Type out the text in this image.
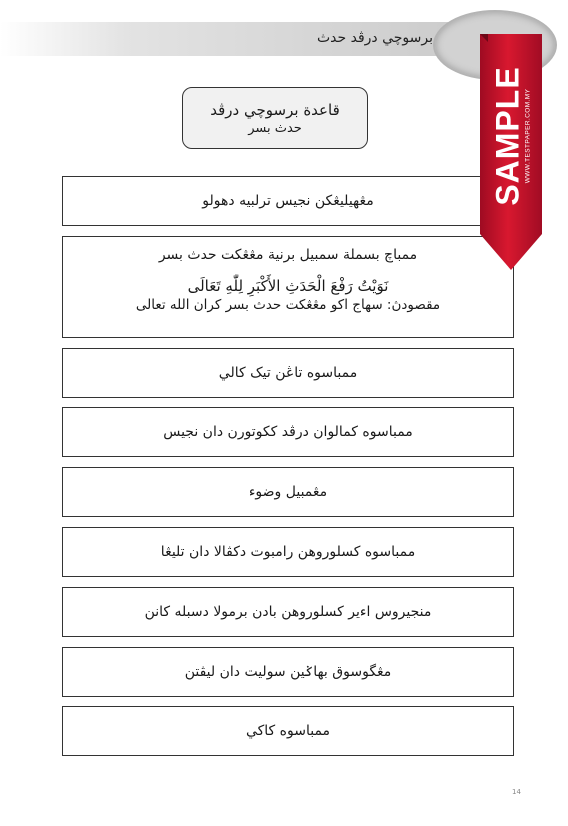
برسوچي درڤد حدث
SAMPLE WWW.TESTPAPER.COM.MY
قاعدة برسوچي درڤد
حدث بسر
مڠهيليڠكن نجيس ترلبيه دهولو
ممباچ بسملة سمبيل برنية مڠڠکت حدث بسر
نَوَيْتُ رَفْعَ الْحَدَثِ الأَكْبَرِ لِلّٰهِ تَعَالَى
مقصودڽ: سهاج اکو مڠڠکت حدث بسر کران الله تعالى
ممباسوه تاڠن تيک کالي
ممباسوه کمالوان درڤد ککوتورن دان نجيس
مڠمبيل وضوء
ممباسوه کسلوروهن رامبوت دکڤالا دان تليڠا
منجيروس اءير کسلوروهن بادن برمولا دسبله کانن
مڠگوسوق بهاݢين سوليت دان ليڤتن
ممباسوه کاکي
14
